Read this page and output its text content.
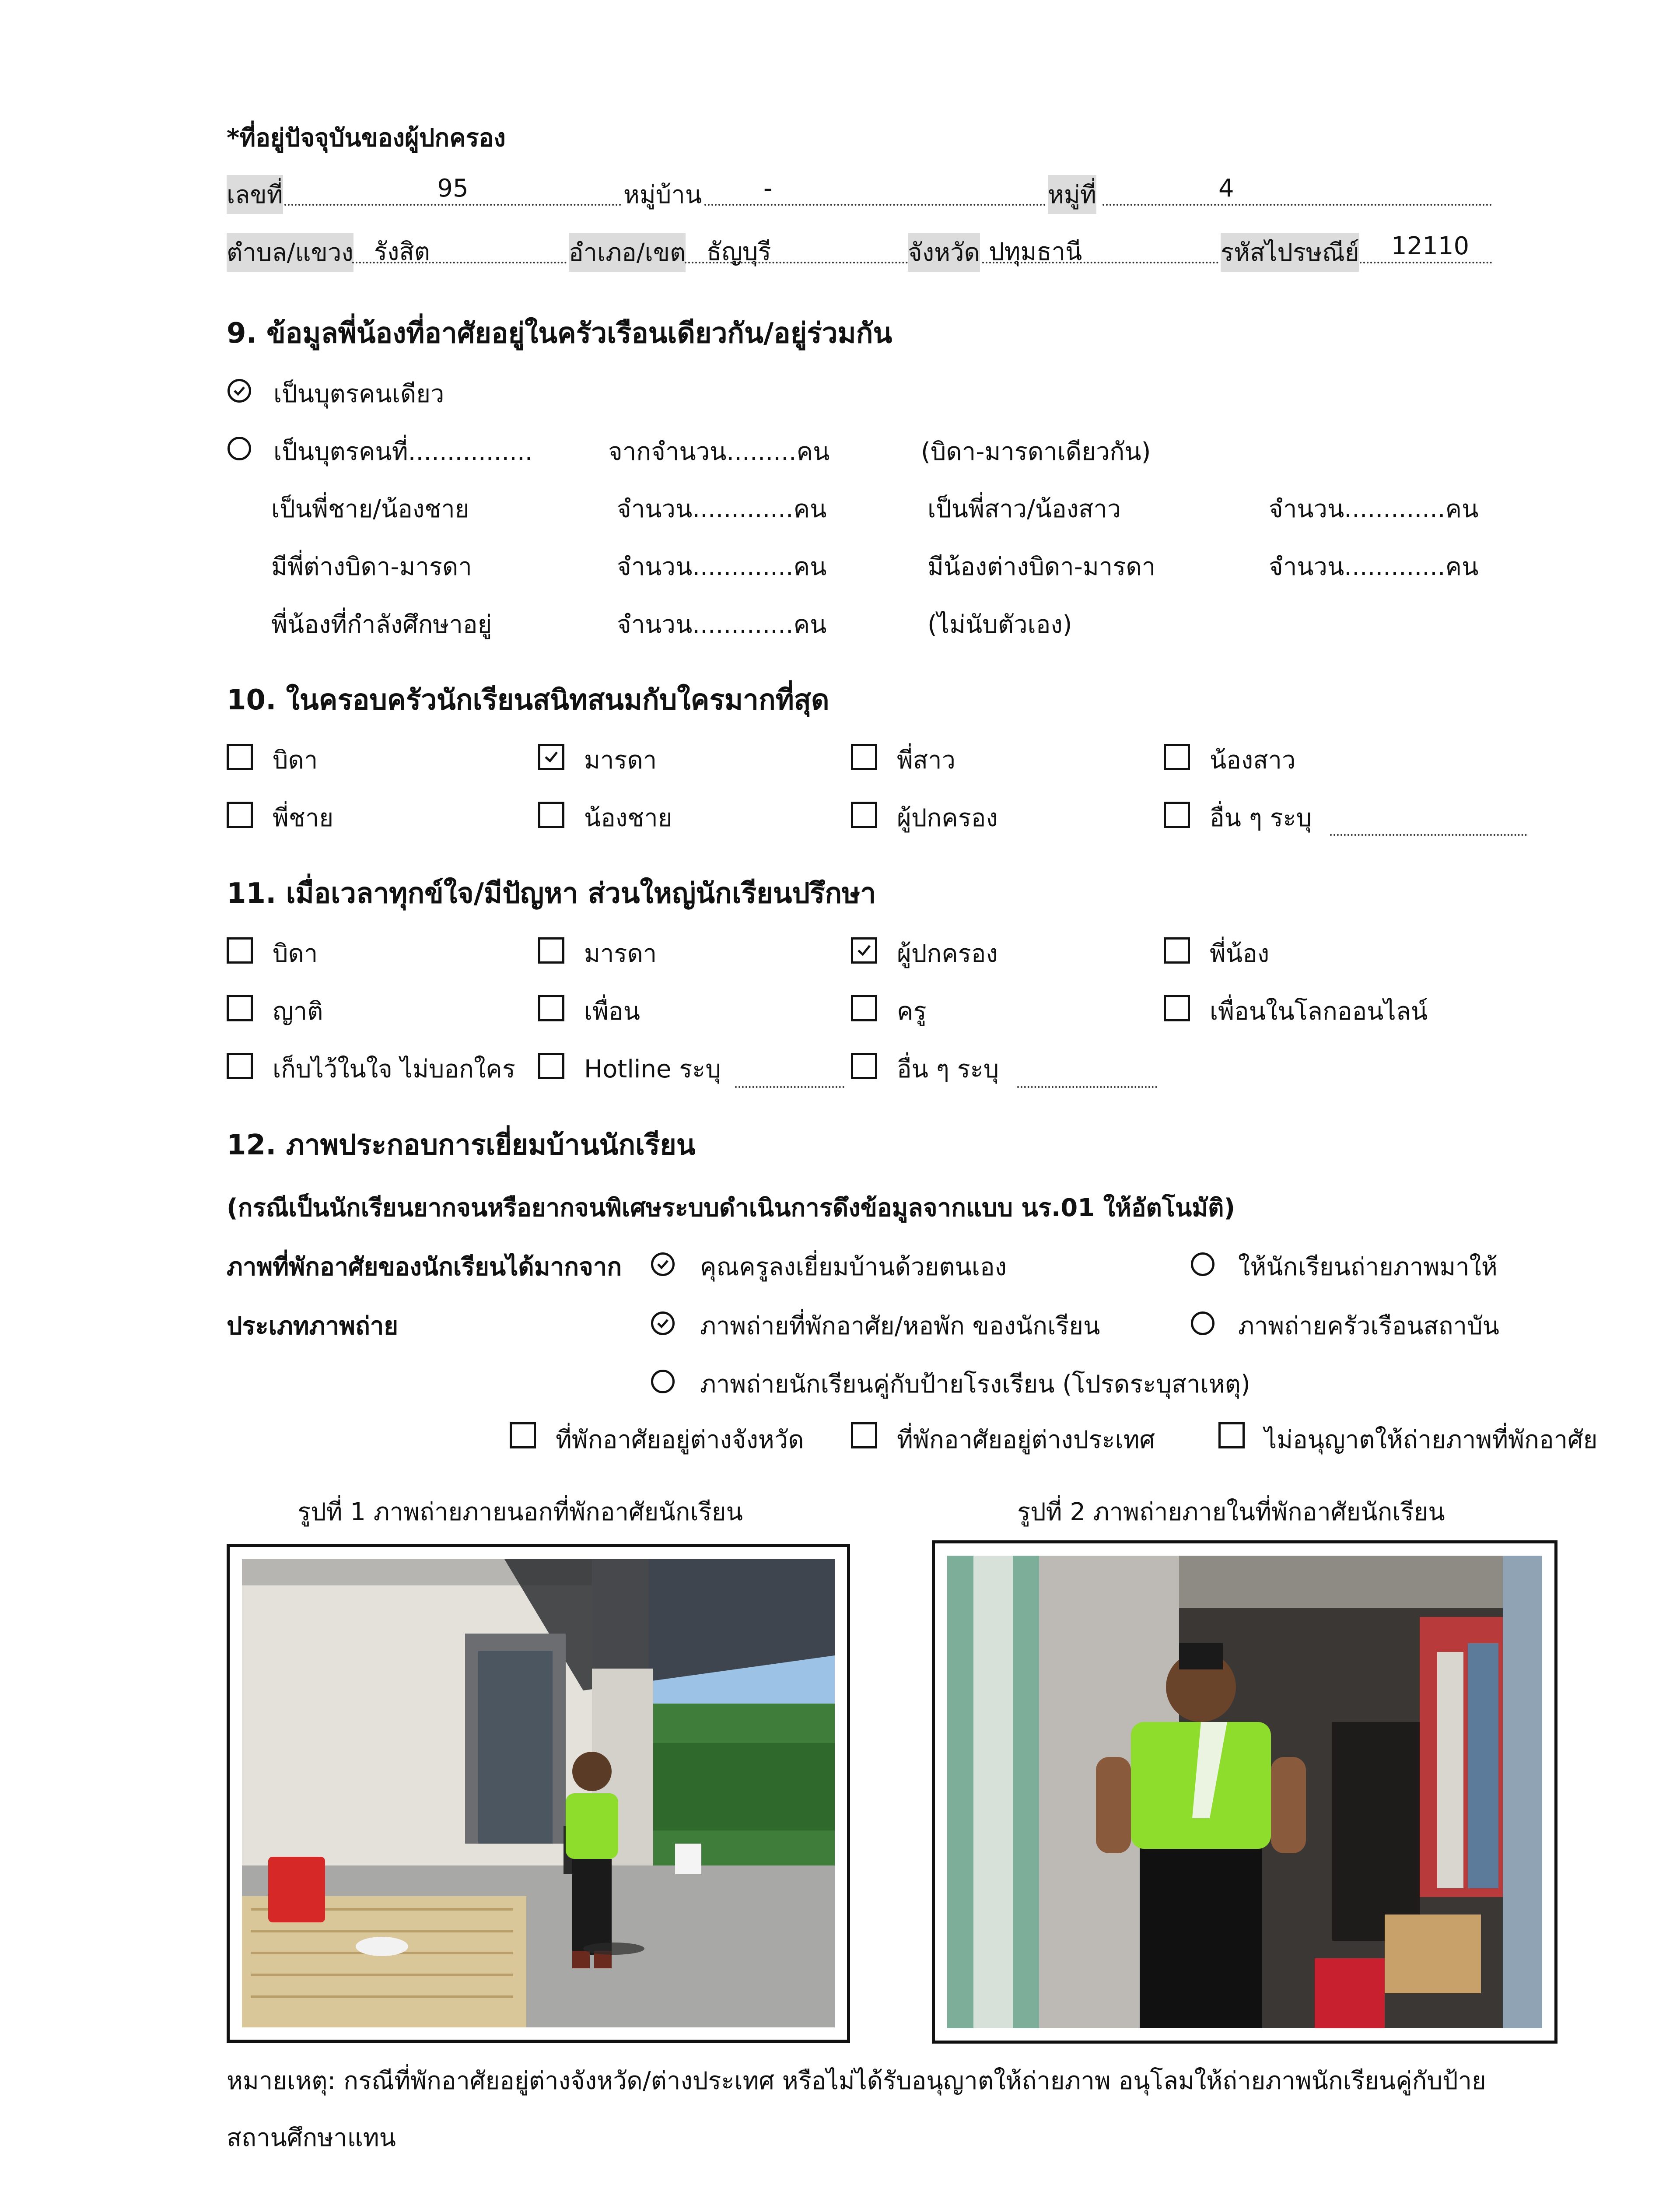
*ที่อยู่ปัจจุบันของผู้ปกครอง
เลขที่	95	หมู่บ้าน	-	หมู่ที่	4
ตำบล/แขวง รังสิต	อำเภอ/เขต ธัญบุรี	จังหวัด ปทุมธานี	รหัสไปรษณีย์ 12110
9. ข้อมูลพี่น้องที่อาศัยอยู่ในครัวเรือนเดียวกัน/อยู่ร่วมกัน
เป็นบุตรคนเดียว
เป็นบุตรคนที่................	จากจำนวน.........คน	(บิดา-มารดาเดียวกัน)
เป็นพี่ชาย/น้องชาย	จำนวน.............คน	เป็นพี่สาว/น้องสาว	จำนวน.............คน
มีพี่ต่างบิดา-มารดา	จำนวน.............คน	มีน้องต่างบิดา-มารดา	จำนวน.............คน
พี่น้องที่กำลังศึกษาอยู่	จำนวน.............คน	(ไม่นับตัวเอง)
10. ในครอบครัวนักเรียนสนิทสนมกับใครมากที่สุด
บิดา	มารดา	พี่สาว	น้องสาว
พี่ชาย	น้องชาย	ผู้ปกครอง	อื่น ๆ ระบุ
11. เมื่อเวลาทุกข์ใจ/มีปัญหา ส่วนใหญ่นักเรียนปรึกษา
บิดา	มารดา	ผู้ปกครอง	พี่น้อง
ญาติ	เพื่อน	ครู	เพื่อนในโลกออนไลน์
เก็บไว้ในใจ ไม่บอกใคร	Hotline ระบุ	อื่น ๆ ระบุ
12. ภาพประกอบการเยี่ยมบ้านนักเรียน
(กรณีเป็นนักเรียนยากจนหรือยากจนพิเศษระบบดำเนินการดึงข้อมูลจากแบบ นร.01 ให้อัตโนมัติ)
ภาพที่พักอาศัยของนักเรียนได้มากจาก	คุณครูลงเยี่ยมบ้านด้วยตนเอง	ให้นักเรียนถ่ายภาพมาให้
ประเภทภาพถ่าย	ภาพถ่ายที่พักอาศัย/หอพัก ของนักเรียน	ภาพถ่ายครัวเรือนสถาบัน
ภาพถ่ายนักเรียนคู่กับป้ายโรงเรียน (โปรดระบุสาเหตุ)
ที่พักอาศัยอยู่ต่างจังหวัด	ที่พักอาศัยอยู่ต่างประเทศ	ไม่อนุญาตให้ถ่ายภาพที่พักอาศัย
รูปที่ 1 ภาพถ่ายภายนอกที่พักอาศัยนักเรียน	รูปที่ 2 ภาพถ่ายภายในที่พักอาศัยนักเรียน
หมายเหตุ: กรณีที่พักอาศัยอยู่ต่างจังหวัด/ต่างประเทศ หรือไม่ได้รับอนุญาตให้ถ่ายภาพ อนุโลมให้ถ่ายภาพนักเรียนคู่กับป้าย
สถานศึกษาแทน
